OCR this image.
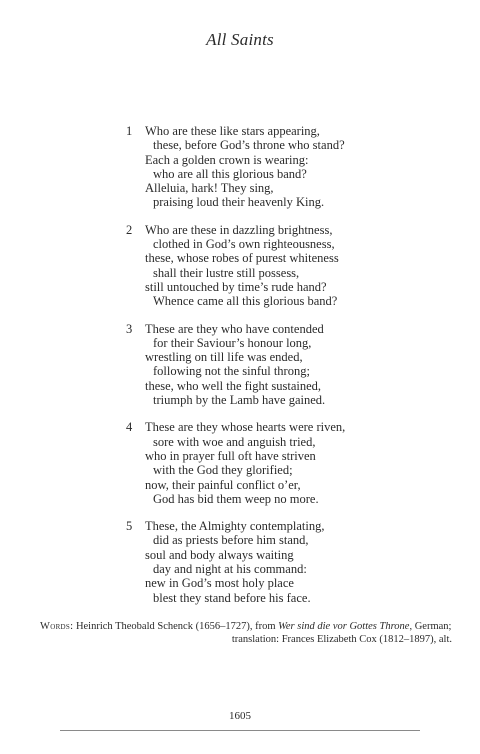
All Saints
1	Who are these like stars appearing,
these, before God’s throne who stand?
Each a golden crown is wearing:
who are all this glorious band?
Alleluia, hark! They sing,
praising loud their heavenly King.
2	Who are these in dazzling brightness,
clothed in God’s own righteousness,
these, whose robes of purest whiteness
shall their lustre still possess,
still untouched by time’s rude hand?
Whence came all this glorious band?
3	These are they who have contended
for their Saviour’s honour long,
wrestling on till life was ended,
following not the sinful throng;
these, who well the fight sustained,
triumph by the Lamb have gained.
4	These are they whose hearts were riven,
sore with woe and anguish tried,
who in prayer full oft have striven
with the God they glorified;
now, their painful conflict o’er,
God has bid them weep no more.
5	These, the Almighty contemplating,
did as priests before him stand,
soul and body always waiting
day and night at his command:
new in God’s most holy place
blest they stand before his face.
Words: Heinrich Theobald Schenck (1656–1727), from Wer sind die vor Gottes Throne, German;
translation: Frances Elizabeth Cox (1812–1897), alt.
1605
